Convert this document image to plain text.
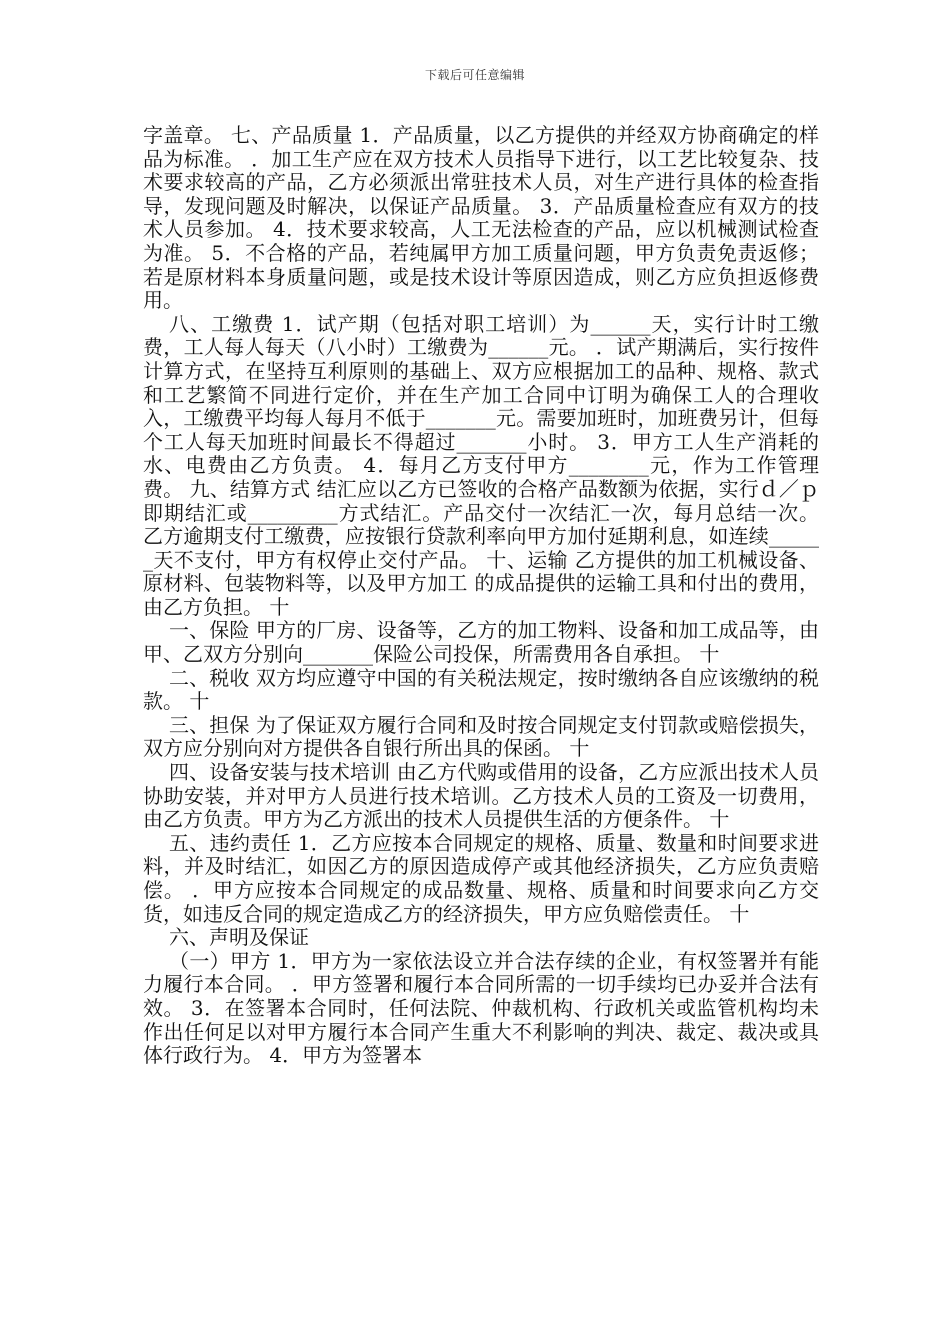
下载后可任意编辑

字盖章。 七、产品质量 1．产品质量，以乙方提供的并经双方协商确定的样品为标准。 ．加工生产应在双方技术人员指导下进行，以工艺比较复杂、技术要求较高的产品，乙方必须派出常驻技术人员，对生产进行具体的检查指导，发现问题及时解决，以保证产品质量。 3．产品质量检查应有双方的技术人员参加。 4．技术要求较高，人工无法检查的产品，应以机械测试检查为准。 5．不合格的产品，若纯属甲方加工质量问题，甲方负责免责返修；若是原材料本身质量问题，或是技术设计等原因造成，则乙方应负担返修费用。

八、工缴费 1．试产期（包括对职工培训）为______天，实行计时工缴费，工人每人每天（八小时）工缴费为______元。 ．试产期满后，实行按件计算方式，在坚持互利原则的基础上、双方应根据加工的品种、规格、款式和工艺繁简不同进行定价，并在生产加工合同中订明为确保工人的合理收入，工缴费平均每人每月不低于_______元。需要加班时，加班费另计，但每个工人每天加班时间最长不得超过_______小时。 3．甲方工人生产消耗的水、电费由乙方负责。 4．每月乙方支付甲方________元，作为工作管理费。 九、结算方式 结汇应以乙方已签收的合格产品数额为依据，实行ｄ／ｐ即期结汇或_________方式结汇。产品交付一次结汇一次，每月总结一次。 乙方逾期支付工缴费，应按银行贷款利率向甲方加付延期利息，如连续______天不支付，甲方有权停止交付产品。 十、运输 乙方提供的加工机械设备、原材料、包装物料等，以及甲方加工 的成品提供的运输工具和付出的费用，由乙方负担。 十

一、保险 甲方的厂房、设备等，乙方的加工物料、设备和加工成品等，由甲、乙双方分别向_______保险公司投保，所需费用各自承担。 十

二、税收 双方均应遵守中国的有关税法规定，按时缴纳各自应该缴纳的税款。 十

三、担保 为了保证双方履行合同和及时按合同规定支付罚款或赔偿损失，双方应分别向对方提供各自银行所出具的保函。 十

四、设备安装与技术培训 由乙方代购或借用的设备，乙方应派出技术人员协助安装，并对甲方人员进行技术培训。乙方技术人员的工资及一切费用，由乙方负责。甲方为乙方派出的技术人员提供生活的方便条件。 十

五、违约责任 1．乙方应按本合同规定的规格、质量、数量和时间要求进料，并及时结汇，如因乙方的原因造成停产或其他经济损失，乙方应负责赔偿。 ．甲方应按本合同规定的成品数量、规格、质量和时间要求向乙方交货，如违反合同的规定造成乙方的经济损失，甲方应负赔偿责任。 十

六、声明及保证

（一）甲方 1．甲方为一家依法设立并合法存续的企业，有权签署并有能力履行本合同。 ．甲方签署和履行本合同所需的一切手续均已办妥并合法有效。 3．在签署本合同时，任何法院、仲裁机构、行政机关或监管机构均未作出任何足以对甲方履行本合同产生重大不利影响的判决、裁定、裁决或具体行政行为。 4．甲方为签署本
